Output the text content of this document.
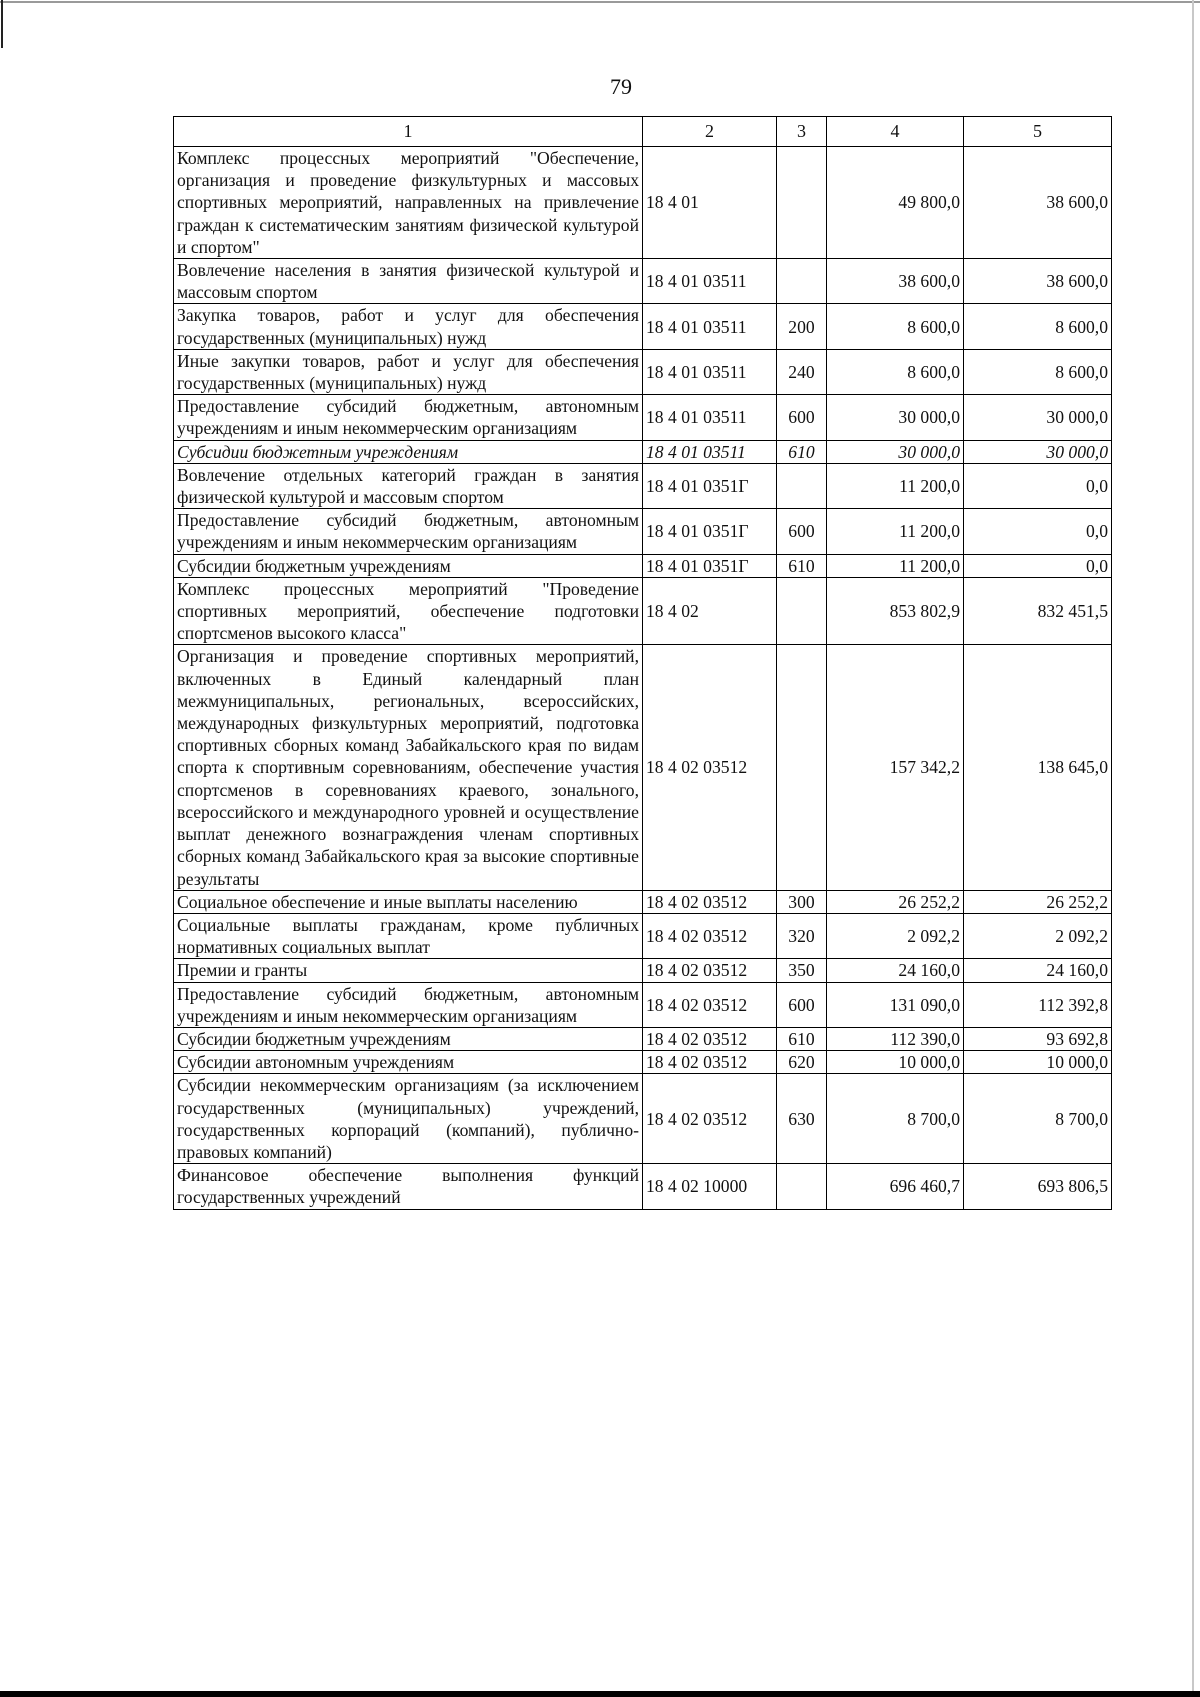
79
1	2	3	4	5
Комплекс процессных мероприятий "Обеспечение, организация и проведение физкультурных и массовых спортивных мероприятий, направленных на привлечение граждан к систематическим занятиям физической культурой и спортом"	18 4 01		49 800,0	38 600,0
Вовлечение населения в занятия физической культурой и массовым спортом	18 4 01 03511		38 600,0	38 600,0
Закупка товаров, работ и услуг для обеспечения государственных (муниципальных) нужд	18 4 01 03511	200	8 600,0	8 600,0
Иные закупки товаров, работ и услуг для обеспечения государственных (муниципальных) нужд	18 4 01 03511	240	8 600,0	8 600,0
Предоставление субсидий бюджетным, автономным учреждениям и иным некоммерческим организациям	18 4 01 03511	600	30 000,0	30 000,0
Субсидии бюджетным учреждениям	18 4 01 03511	610	30 000,0	30 000,0
Вовлечение отдельных категорий граждан в занятия физической культурой и массовым спортом	18 4 01 0351Г		11 200,0	0,0
Предоставление субсидий бюджетным, автономным учреждениям и иным некоммерческим организациям	18 4 01 0351Г	600	11 200,0	0,0
Субсидии бюджетным учреждениям	18 4 01 0351Г	610	11 200,0	0,0
Комплекс процессных мероприятий "Проведение спортивных мероприятий, обеспечение подготовки спортсменов высокого класса"	18 4 02		853 802,9	832 451,5
Организация и проведение спортивных мероприятий, включенных в Единый календарный план межмуниципальных, региональных, всероссийских, международных физкультурных мероприятий, подготовка спортивных сборных команд Забайкальского края по видам спорта к спортивным соревнованиям, обеспечение участия спортсменов в соревнованиях краевого, зонального, всероссийского и международного уровней и осуществление выплат денежного вознаграждения членам спортивных сборных команд Забайкальского края за высокие спортивные результаты	18 4 02 03512		157 342,2	138 645,0
Социальное обеспечение и иные выплаты населению	18 4 02 03512	300	26 252,2	26 252,2
Социальные выплаты гражданам, кроме публичных нормативных социальных выплат	18 4 02 03512	320	2 092,2	2 092,2
Премии и гранты	18 4 02 03512	350	24 160,0	24 160,0
Предоставление субсидий бюджетным, автономным учреждениям и иным некоммерческим организациям	18 4 02 03512	600	131 090,0	112 392,8
Субсидии бюджетным учреждениям	18 4 02 03512	610	112 390,0	93 692,8
Субсидии автономным учреждениям	18 4 02 03512	620	10 000,0	10 000,0
Субсидии некоммерческим организациям (за исключением государственных (муниципальных) учреждений, государственных корпораций (компаний), публично-правовых компаний)	18 4 02 03512	630	8 700,0	8 700,0
Финансовое обеспечение выполнения функций государственных учреждений	18 4 02 10000		696 460,7	693 806,5
